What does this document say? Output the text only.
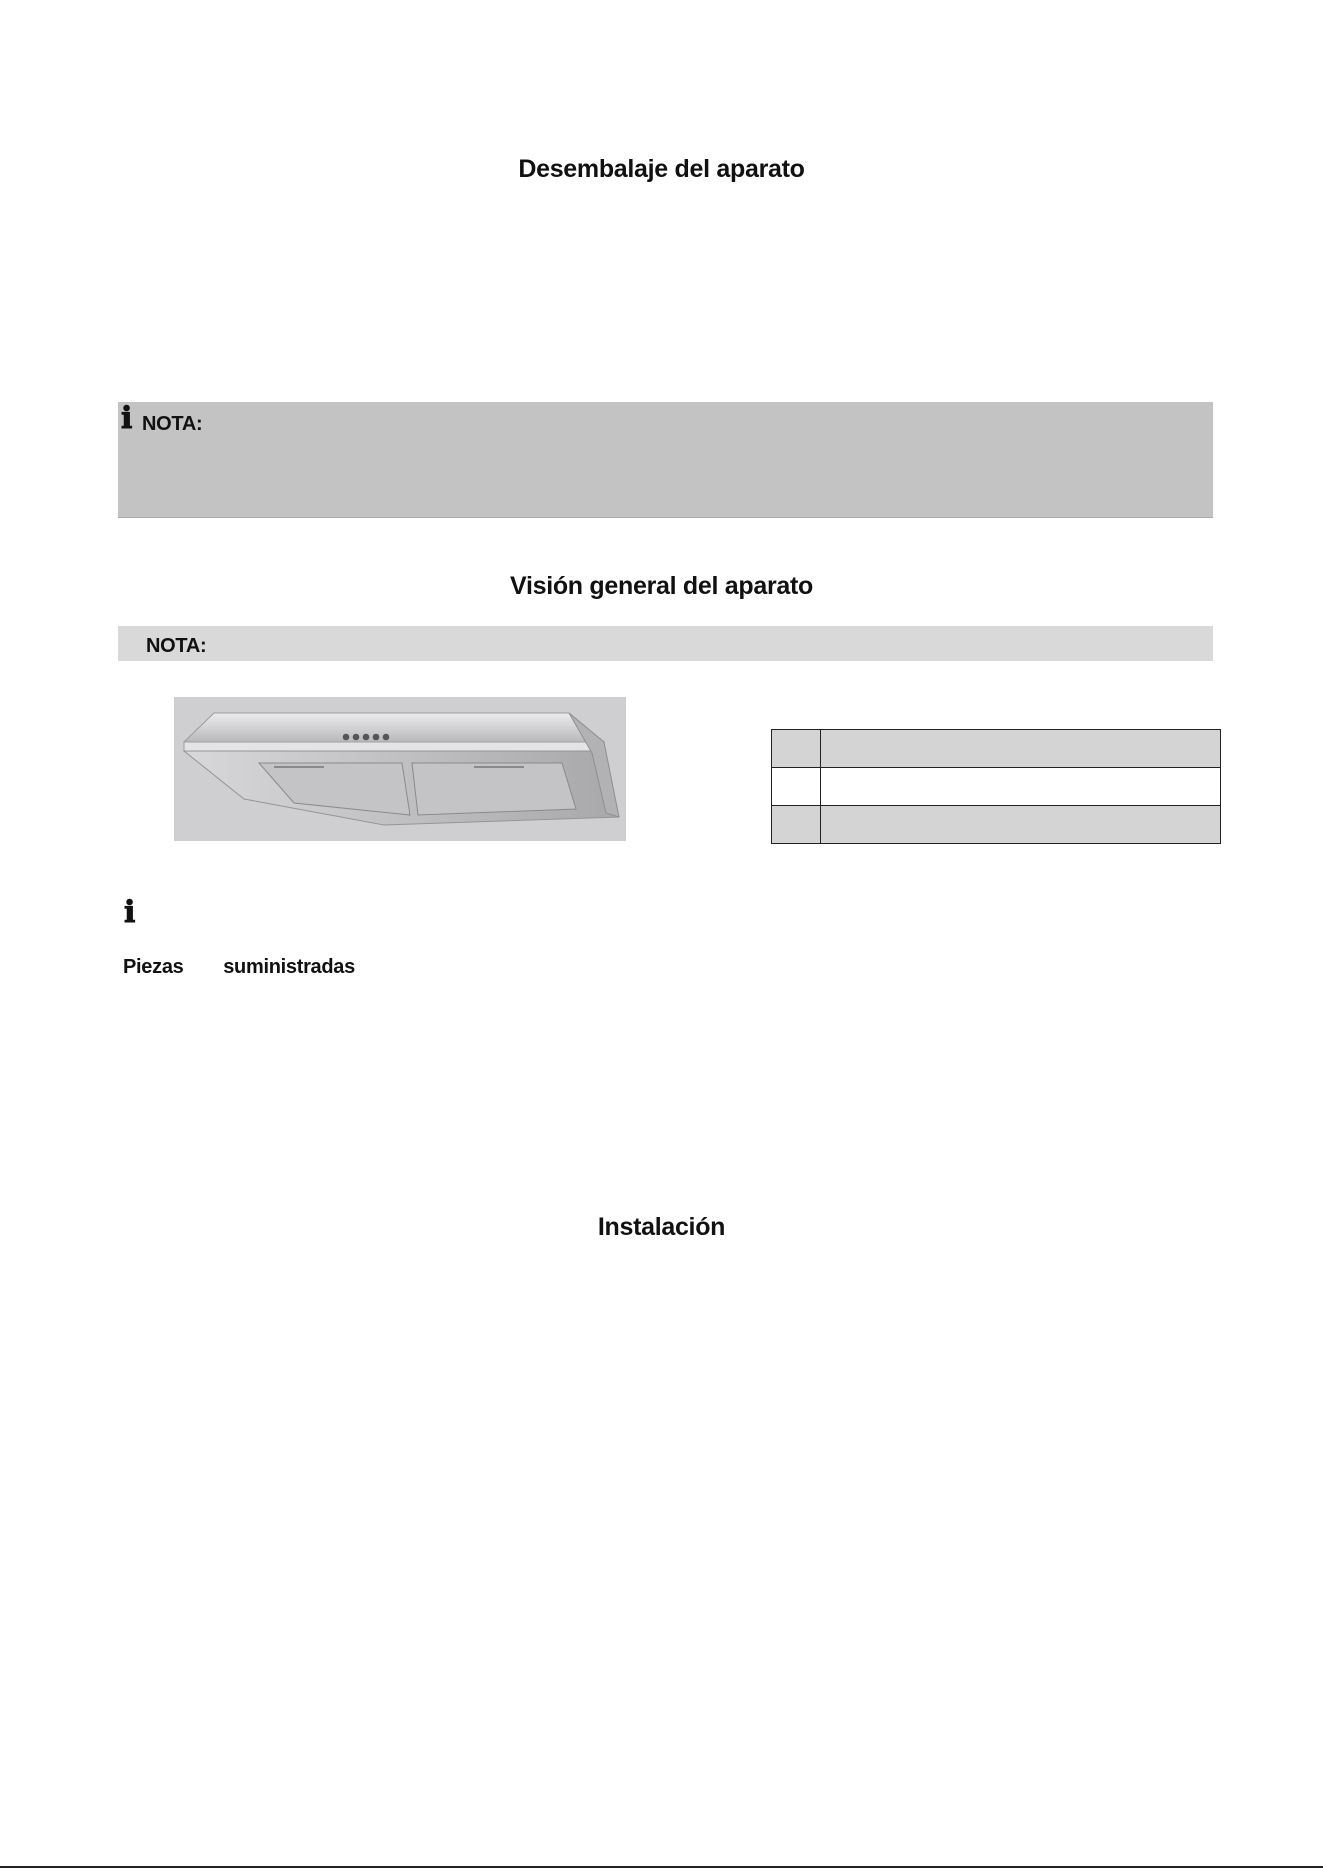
Desembalaje del aparato
ℹ NOTA:
Visión general del aparato
NOTA:

ℹ
Piezas   suministradas
Instalación
